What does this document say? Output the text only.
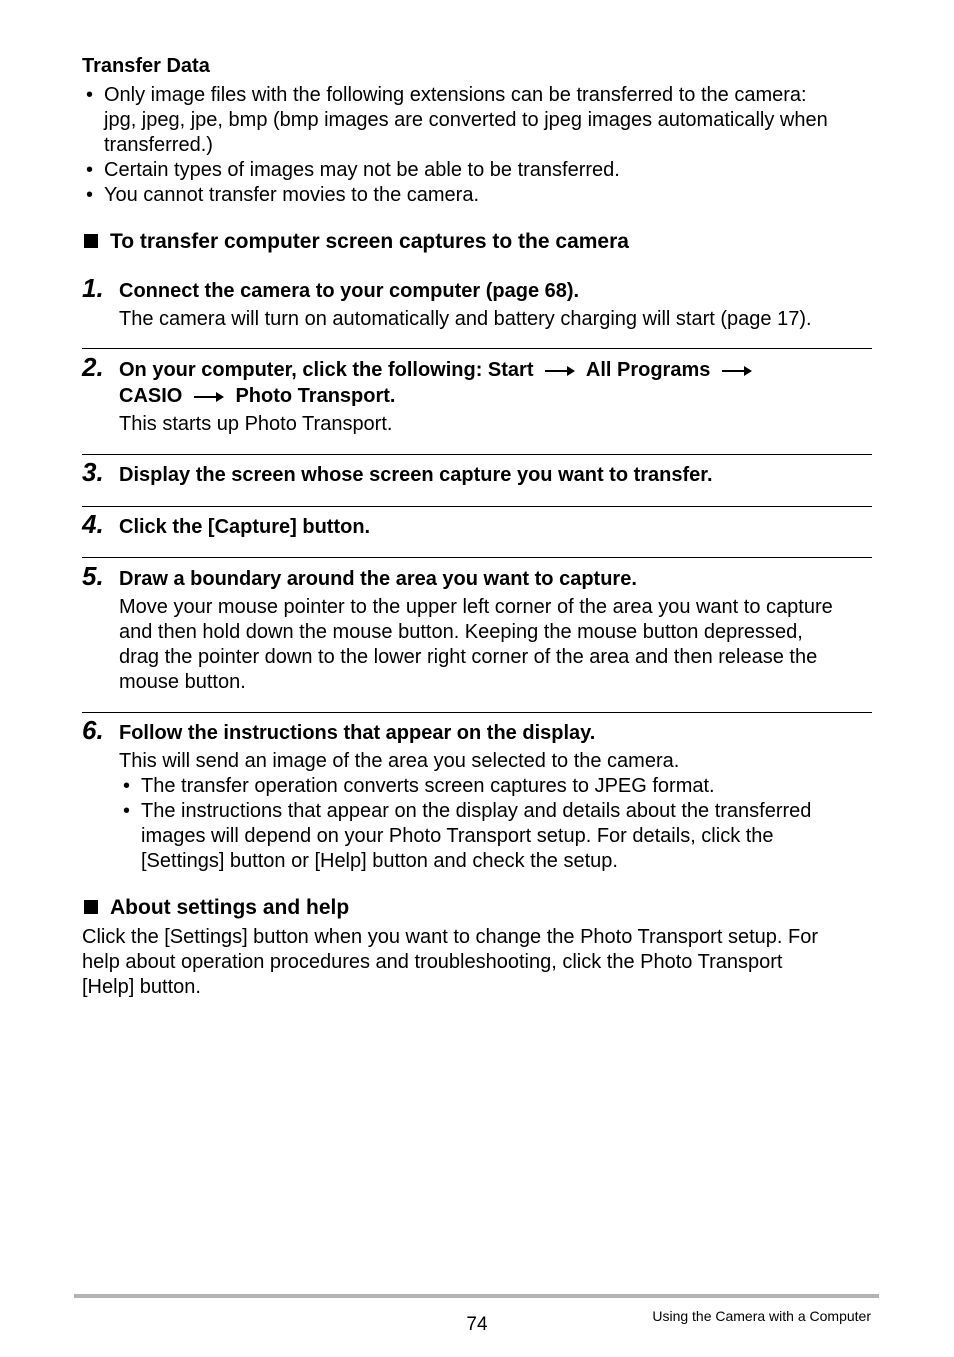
Transfer Data
• Only image files with the following extensions can be transferred to the camera:
jpg, jpeg, jpe, bmp (bmp images are converted to jpeg images automatically when
transferred.)
• Certain types of images may not be able to be transferred.
• You cannot transfer movies to the camera.
To transfer computer screen captures to the camera
1. Connect the camera to your computer (page 68).
The camera will turn on automatically and battery charging will start (page 17).
2. On your computer, click the following: Start	All Programs
CASIO	Photo Transport.
This starts up Photo Transport.
3. Display the screen whose screen capture you want to transfer.
4. Click the [Capture] button.
5. Draw a boundary around the area you want to capture.
Move your mouse pointer to the upper left corner of the area you want to capture
and then hold down the mouse button. Keeping the mouse button depressed,
drag the pointer down to the lower right corner of the area and then release the
mouse button.
6. Follow the instructions that appear on the display.
This will send an image of the area you selected to the camera.
• The transfer operation converts screen captures to JPEG format.
• The instructions that appear on the display and details about the transferred
images will depend on your Photo Transport setup. For details, click the
[Settings] button or [Help] button and check the setup.
About settings and help
Click the [Settings] button when you want to change the Photo Transport setup. For
help about operation procedures and troubleshooting, click the Photo Transport
[Help] button.
74	Using the Camera with a Computer
